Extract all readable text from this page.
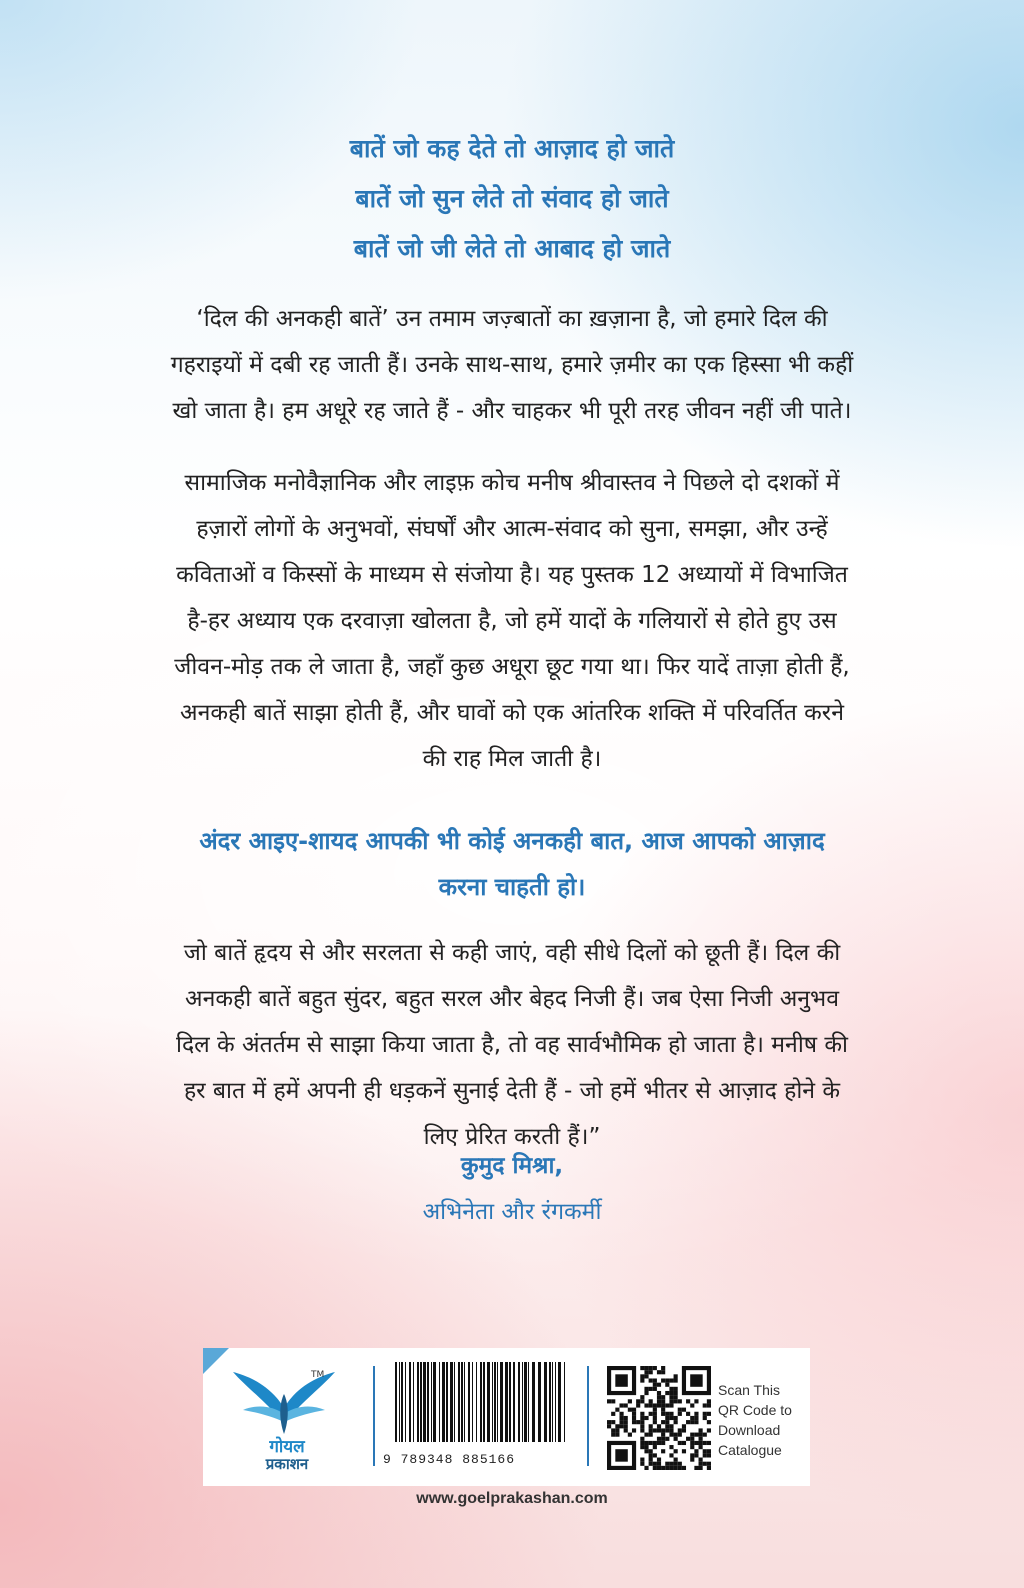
बातें जो कह देते तो आज़ाद हो जाते
बातें जो सुन लेते तो संवाद हो जाते
बातें जो जी लेते तो आबाद हो जाते
‘दिल की अनकही बातें’ उन तमाम जज़्बातों का ख़ज़ाना है, जो हमारे दिल की
गहराइयों में दबी रह जाती हैं। उनके साथ-साथ, हमारे ज़मीर का एक हिस्सा भी कहीं
खो जाता है। हम अधूरे रह जाते हैं - और चाहकर भी पूरी तरह जीवन नहीं जी पाते।
सामाजिक मनोवैज्ञानिक और लाइफ़ कोच मनीष श्रीवास्तव ने पिछले दो दशकों में
हज़ारों लोगों के अनुभवों, संघर्षों और आत्म-संवाद को सुना, समझा, और उन्हें
कविताओं व किस्सों के माध्यम से संजोया है। यह पुस्तक 12 अध्यायों में विभाजित
है-हर अध्याय एक दरवाज़ा खोलता है, जो हमें यादों के गलियारों से होते हुए उस
जीवन-मोड़ तक ले जाता है, जहाँ कुछ अधूरा छूट गया था। फिर यादें ताज़ा होती हैं,
अनकही बातें साझा होती हैं, और घावों को एक आंतरिक शक्ति में परिवर्तित करने
की राह मिल जाती है।
अंदर आइए-शायद आपकी भी कोई अनकही बात, आज आपको आज़ाद
करना चाहती हो।
जो बातें हृदय से और सरलता से कही जाएं, वही सीधे दिलों को छूती हैं। दिल की
अनकही बातें बहुत सुंदर, बहुत सरल और बेहद निजी हैं। जब ऐसा निजी अनुभव
दिल के अंतर्तम से साझा किया जाता है, तो वह सार्वभौमिक हो जाता है। मनीष की
हर बात में हमें अपनी ही धड़कनें सुनाई देती हैं - जो हमें भीतर से आज़ाद होने के
लिए प्रेरित करती हैं।”
कुमुद मिश्रा,
अभिनेता और रंगकर्मी
TM
गोयल
प्रकाशन	9 789348 885166
Scan This
QR Code to
Download
Catalogue
www.goelprakashan.com
